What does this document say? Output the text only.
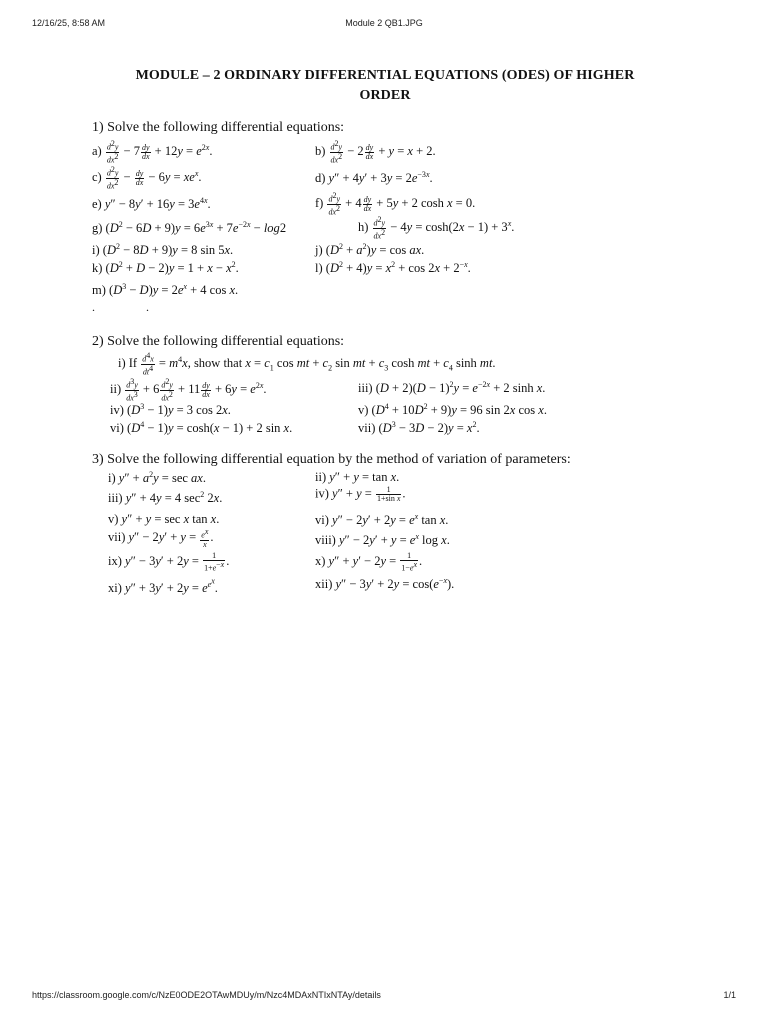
12/16/25, 8:58 AM	Module 2 QB1.JPG
MODULE – 2 ORDINARY DIFFERENTIAL EQUATIONS (ODES) OF HIGHER
ORDER
1) Solve the following differential equations:
$a) \frac{d^2y}{dx^2} - 7 \frac{dy}{dx} + 12y = e^{2x}$.	$b) \frac{d^2y}{dx^2} - 2 \frac{dy}{dx} + y = x + 2$.
$c) \frac{d^2y}{dx^2} - \frac{dy}{dx} - 6y = xe^x$.	d) $y'' + 4y' + 3y = 2e^{-3x}$.
e) $y'' - 8y' + 16y = 3e^{4x}$.	$f) \frac{d^2y}{dx^2} + 4 \frac{dy}{dx} + 5y + 2$ cosh x = 0.
g) $(D^2 - 6D + 9)y = 6e^{3x} + 7e^{-2x} - \log 2$	$h) \frac{d^2y}{dx^2} - 4y = \cosh(2x - 1) + 3^x$.
i) $(D^2 - 8D + 9)y = 8$ sin 5x.	j) $(D^2 + a^2)y = \cos$ ax.
k) $(D^2 + D - 2)y = 1 + x - x^2$.	l) $(D^2 + 4)y = x^2 + \cos 2x + 2^{-x}$.
m) $(D^3 - D)y = 2e^x + 4$ cos x.
.	.
2) Solve the following differential equations:
i) If $\frac{d^4x}{dt^4} = m^4x$, show that $x = c_1$ cos mt + $c_2$ sin mt + $c_3$ cosh mt + $c_4$ sinh mt.
$ii) \frac{d^3y}{dx^3} + 6 \frac{d^2y}{dx^2} + 11 \frac{dy}{dx} + 6y = e^{2x}$.	iii) $(D + 2)(D - 1)^2y = e^{-2x} + 2$ sinh x.
iv) $(D^3 - 1)y = 3$ cos 2x.	v) $(D^4 + 10D^2 + 9)y = 96$ sin 2x cos x.
vi) $(D^4 - 1)y = \cosh(x - 1) + 2$ sin x.	vii) $(D^3 - 3D - 2)y = x^2$.
3) Solve the following differential equation by the method of variation of parameters:
i) $y'' + a^2y = \sec$ ax.	ii) y″ + y = tan x.
iii) y″ + 4y = 4 $\sec^2 2x$.	iv) $y'' + y = \frac{1}{\text{1+sin x}}$ .
v) y″ + y = sec x tan x.	vi) $y'' - 2y' + 2y = e^x$ tan x.
vii) $y'' - 2y' + y = \frac{e^x}{x}$ .	viii) $y'' - 2y' + y = e^x$ log x.
ix) $y'' - 3y' + 2y = \frac{1}{1+e^{-x}}$ .	x) $y'' + y' - 2y = \frac{1}{1-e^x}$ .
xi) $y'' + 3y' + 2y = e^{e^x}$.	xii) $y'' - 3y' + 2y = \cos(e^{-x})$.
https://classroom.google.com/c/NzE0ODE2OTAwMDUy/m/Nzc4MDAxNTIxNTAy/details	1/1
